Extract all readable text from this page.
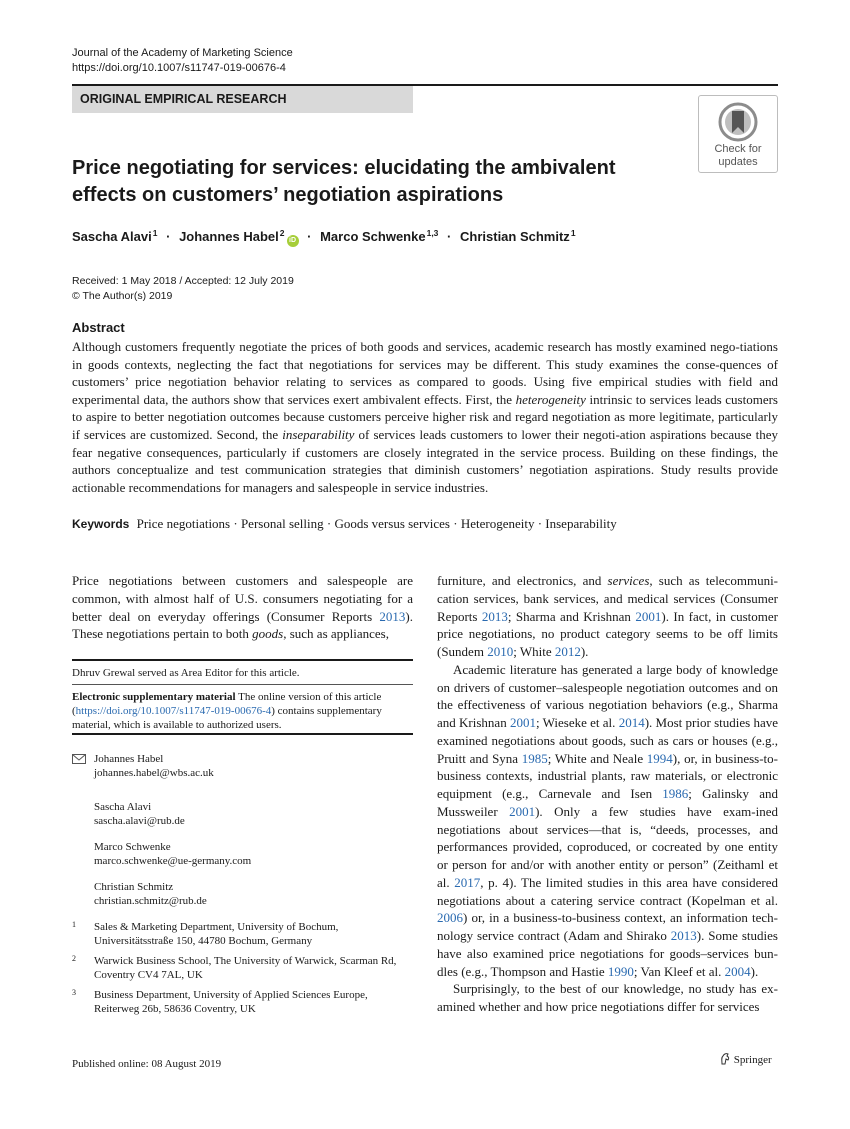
Journal of the Academy of Marketing Science
https://doi.org/10.1007/s11747-019-00676-4
ORIGINAL EMPIRICAL RESEARCH
Check for
updates
Price negotiating for services: elucidating the ambivalent effects on customers’ negotiation aspirations
Sascha Alavi$^1$ · Johannes Habel$^2$iD · Marco Schwenke$^{1,3}$ · Christian Schmitz$^1$
Received: 1 May 2018 / Accepted: 12 July 2019
© The Author(s) 2019
Abstract
Although customers frequently negotiate the prices of both goods and services, academic research has mostly examined nego-tiations in goods contexts, neglecting the fact that negotiations for services may be different. This study examines the conse-quences of customers’ price negotiation behavior relating to services as compared to goods. Using five empirical studies with field and experimental data, the authors show that services exert ambivalent effects. First, the heterogeneity intrinsic to services leads customers to aspire to better negotiation outcomes because customers perceive higher risk and regard negotiation as more legitimate, particularly if services are customized. Second, the inseparability of services leads customers to lower their negoti-ation aspirations because they fear negative consequences, particularly if customers are closely integrated in the service process. Building on these findings, the authors conceptualize and test communication strategies that diminish customers’ negotiation aspirations. Study results provide actionable recommendations for managers and salespeople in service industries.
Keywords Price negotiations · Personal selling · Goods versus services · Heterogeneity · Inseparability
Price negotiations between customers and salespeople are common, with almost half of U.S. consumers negotiating for a better deal on everyday offerings (Consumer Reports 2013). These negotiations pertain to both goods, such as appliances,
Dhruv Grewal served as Area Editor for this article.
Electronic supplementary material The online version of this article (https://doi.org/10.1007/s11747-019-00676-4) contains supplementary material, which is available to authorized users.
Johannes Habel
johannes.habel@wbs.ac.uk
Sascha Alavi
sascha.alavi@rub.de
Marco Schwenke
marco.schwenke@ue-germany.com
Christian Schmitz
christian.schmitz@rub.de
1 Sales & Marketing Department, University of Bochum,
Universitätsstraße 150, 44780 Bochum, Germany
2 Warwick Business School, The University of Warwick, Scarman Rd,
Coventry CV4 7AL, UK
3 Business Department, University of Applied Sciences Europe,
Reiterweg 26b, 58636 Coventry, UK

furniture, and electronics, and services, such as telecommuni-cation services, bank services, and medical services (Consumer Reports 2013; Sharma and Krishnan 2001). In fact, in customer price negotiations, no product category seems to be off limits (Sundem 2010; White 2012).

Academic literature has generated a large body of knowledge on drivers of customer–salespeople negotiation outcomes and on the effectiveness of various negotiation behaviors (e.g., Sharma and Krishnan 2001; Wieseke et al. 2014). Most prior studies have examined negotiations about goods, such as cars or houses (e.g., Pruitt and Syna 1985; White and Neale 1994), or, in business-to-business contexts, industrial plants, raw materials, or electronic equipment (e.g., Carnevale and Isen 1986; Galinsky and Mussweiler 2001). Only a few studies have exam-ined negotiations about services—that is, “deeds, processes, and performances provided, coproduced, or cocreated by one entity or person for and/or with another entity or person” (Zeithaml et al. 2017, p. 4). The limited studies in this area have considered negotiations about a catering service contract (Kopelman et al. 2006) or, in a business-to-business context, an information tech-nology service contract (Adam and Shirako 2013). Some studies have also examined price negotiations for goods–services bun-dles (e.g., Thompson and Hastie 1990; Van Kleef et al. 2004).

Surprisingly, to the best of our knowledge, no study has ex-amined whether and how price negotiations differ for services

Published online: 08 August 2019	Springer
